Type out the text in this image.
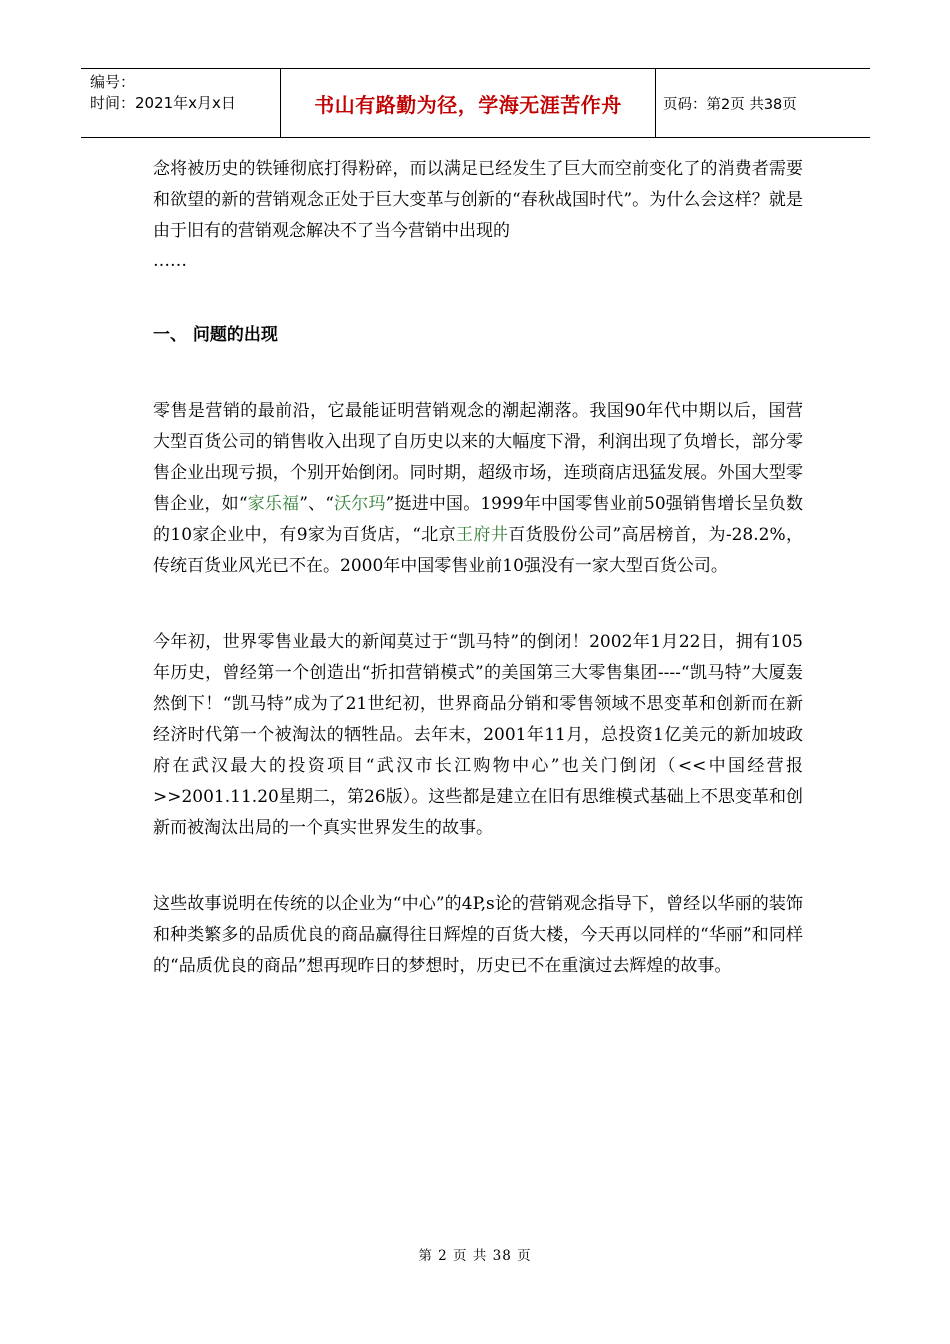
编号：
时间：2021年x月x日	书山有路勤为径，学海无涯苦作舟	页码：第2页 共38页

念将被历史的铁锤彻底打得粉碎，而以满足已经发生了巨大而空前变化了的消费者需要和欲望的新的营销观念正处于巨大变革与创新的“春秋战国时代”。为什么会这样？就是由于旧有的营销观念解决不了当今营销中出现的

……

一、 问题的出现

零售是营销的最前沿，它最能证明营销观念的潮起潮落。我国90年代中期以后，国营大型百货公司的销售收入出现了自历史以来的大幅度下滑，利润出现了负增长，部分零售企业出现亏损，个别开始倒闭。同时期，超级市场，连琐商店迅猛发展。外国大型零售企业，如“家乐福”、“沃尔玛”挺进中国。1999年中国零售业前50强销售增长呈负数的10家企业中，有9家为百货店，“北京王府井百货股份公司”高居榜首，为-28.2%，传统百货业风光已不在。2000年中国零售业前10强没有一家大型百货公司。

今年初，世界零售业最大的新闻莫过于“凯马特”的倒闭！2002年1月22日，拥有105年历史，曾经第一个创造出“折扣营销模式”的美国第三大零售集团----“凯马特”大厦轰然倒下！“凯马特”成为了21世纪初，世界商品分销和零售领域不思变革和创新而在新经济时代第一个被淘汰的牺牲品。去年末，2001年11月，总投资1亿美元的新加坡政府在武汉最大的投资项目“武汉市长江购物中心”也关门倒闭（<<中国经营报>>2001.11.20星期二，第26版）。这些都是建立在旧有思维模式基础上不思变革和创新而被淘汰出局的一个真实世界发生的故事。

这些故事说明在传统的以企业为“中心”的4P,s论的营销观念指导下，曾经以华丽的装饰和种类繁多的品质优良的商品赢得往日辉煌的百货大楼，今天再以同样的“华丽”和同样的“品质优良的商品”想再现昨日的梦想时，历史已不在重演过去辉煌的故事。

第 2 页 共 38 页
